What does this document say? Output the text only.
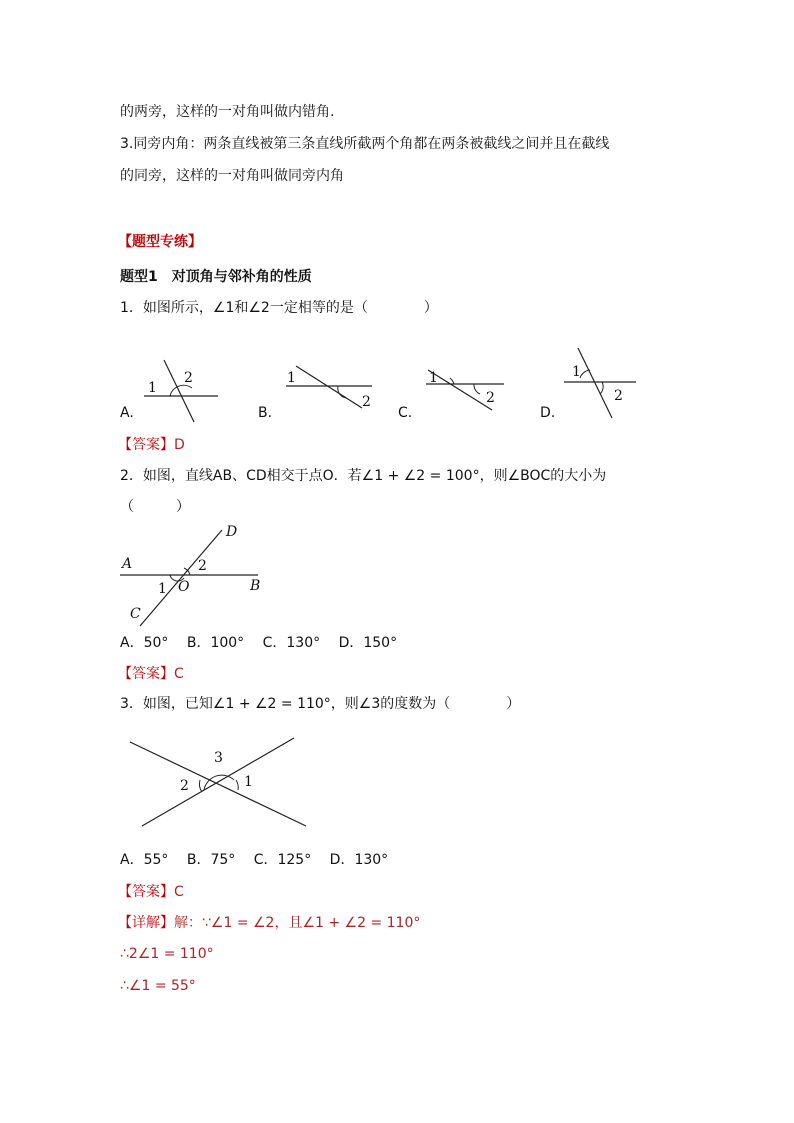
的两旁，这样的一对角叫做内错角.
3.同旁内角：两条直线被第三条直线所截两个角都在两条被截线之间并且在截线
的同旁，这样的一对角叫做同旁内角
【题型专练】
题型1　对顶角与邻补角的性质
1．如图所示，∠1和∠2一定相等的是（　　　　）
1
2
A.
1
2
B.
1
2
C.
1
2
D.
【答案】D
2．如图，直线AB、CD相交于点O．若∠1 + ∠2 = 100°，则∠BOC的大小为
（　　　）
A
B
C
D
O
1
2
A．50°　 B．100°　 C．130°　 D．150°
【答案】C
3．如图，已知∠1 + ∠2 = 110°，则∠3的度数为（　　　　）
3
2	1
A．55°　 B．75°　 C．125°　 D．130°
【答案】C
【详解】解：∵∠1 = ∠2，且∠1 + ∠2 = 110°
∴2∠1 = 110°
∴∠1 = 55°
